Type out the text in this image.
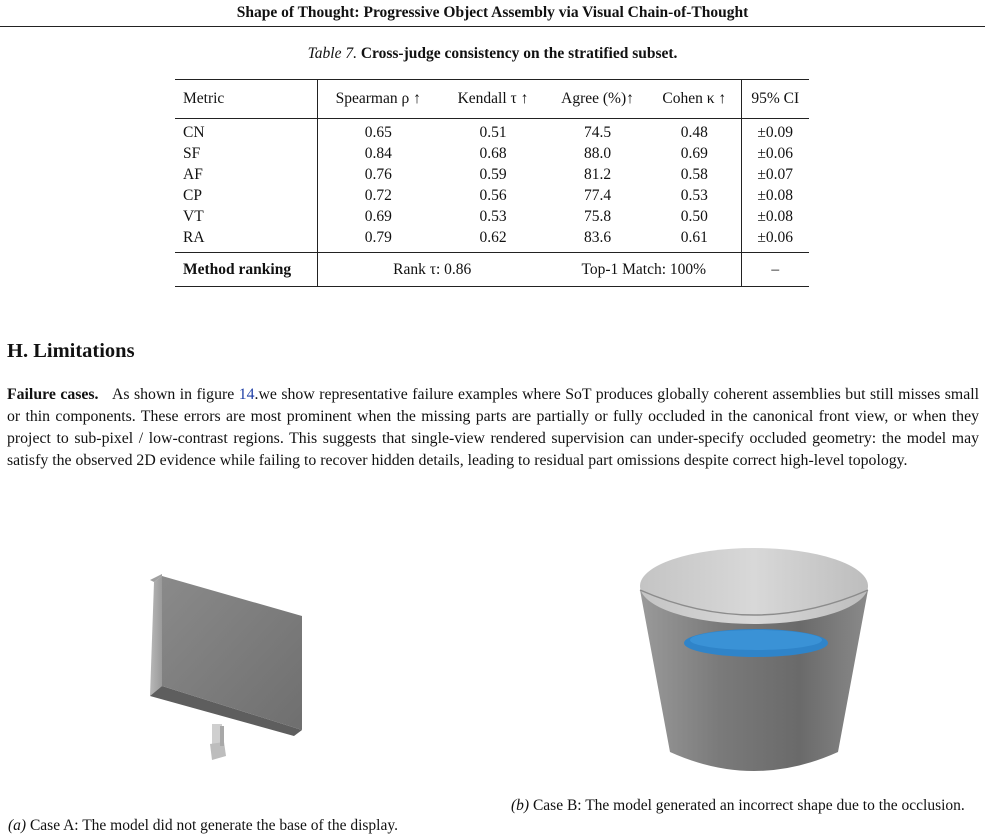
Shape of Thought: Progressive Object Assembly via Visual Chain-of-Thought
Table 7. Cross-judge consistency on the stratified subset.
Metric	Spearman ρ ↑	Kendall τ ↑	Agree (%)↑	Cohen κ ↑	95% CI
CN	0.65	0.51	74.5	0.48	±0.09
SF	0.84	0.68	88.0	0.69	±0.06
AF	0.76	0.59	81.2	0.58	±0.07
CP	0.72	0.56	77.4	0.53	±0.08
VT	0.69	0.53	75.8	0.50	±0.08
RA	0.79	0.62	83.6	0.61	±0.06
Method ranking	Rank τ: 0.86		Top-1 Match: 100%		–
H. Limitations

Failure cases. As shown in figure 14.we show representative failure examples where SoT produces globally coherent assemblies but still misses small or thin components. These errors are most prominent when the missing parts are partially or fully occluded in the canonical front view, or when they project to sub-pixel / low-contrast regions. This suggests that single-view rendered supervision can under-specify occluded geometry: the model may satisfy the observed 2D evidence while failing to recover hidden details, leading to residual part omissions despite correct high-level topology.

(a) Case A: The model did not generate the base of the display.
(b) Case B: The model generated an incorrect shape due to the occlusion.
